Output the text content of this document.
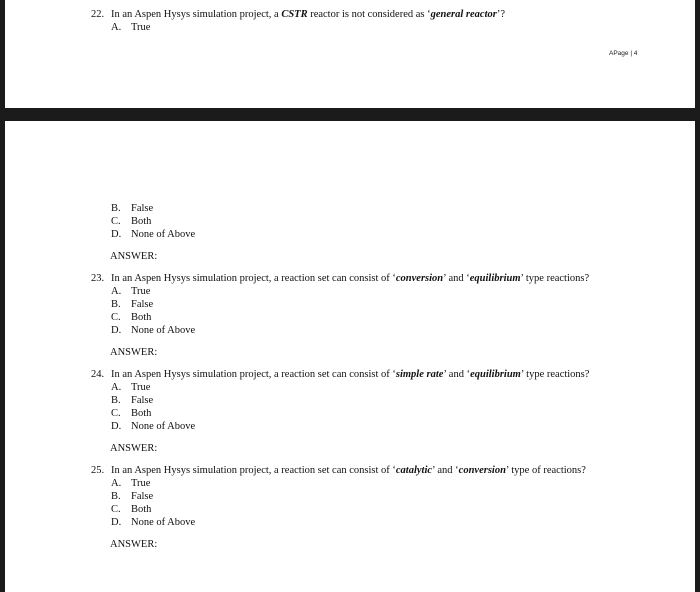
22. In an Aspen Hysys simulation project, a CSTR reactor is not considered as ‘general reactor’?
A. True
APage | 4
B. False
C. Both
D. None of Above
ANSWER:
23. In an Aspen Hysys simulation project, a reaction set can consist of ‘conversion’ and ‘equilibrium’ type reactions?
A. True
B. False
C. Both
D. None of Above
ANSWER:
24. In an Aspen Hysys simulation project, a reaction set can consist of ‘simple rate’ and ‘equilibrium’ type reactions?
A. True
B. False
C. Both
D. None of Above
ANSWER:
25. In an Aspen Hysys simulation project, a reaction set can consist of ‘catalytic’ and ‘conversion’ type of reactions?
A. True
B. False
C. Both
D. None of Above
ANSWER:
